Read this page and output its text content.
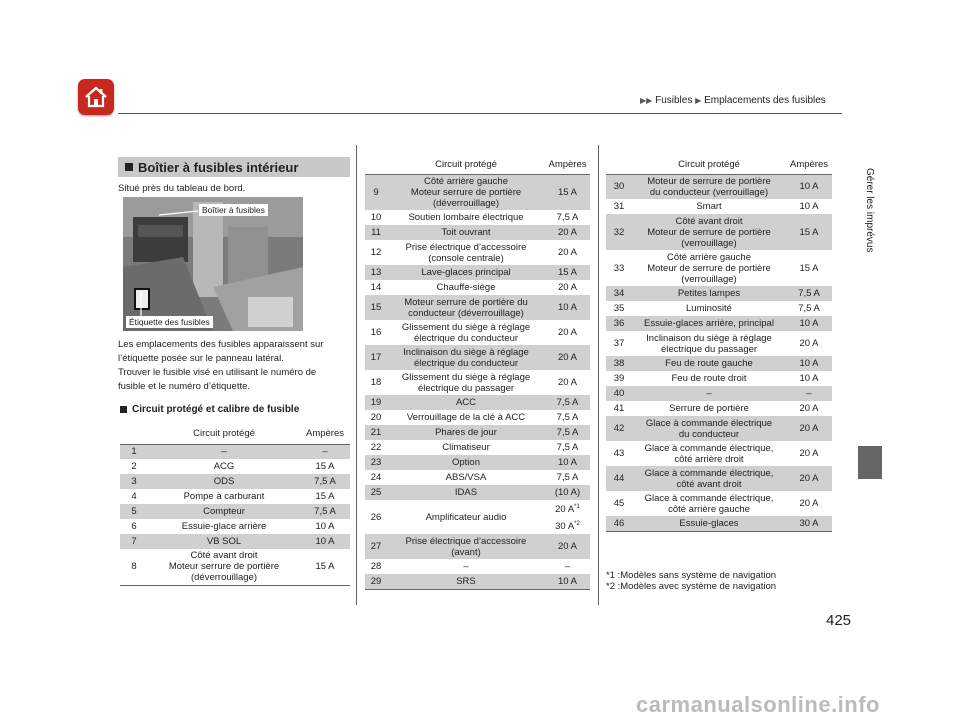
▶▶ Fusibles ▶ Emplacements des fusibles
Gérer les imprévus
Boîtier à fusibles intérieur
Situé près du tableau de bord.
Boîtier à fusibles
Étiquette des fusibles
Les emplacements des fusibles apparaissent sur
l’étiquette posée sur le panneau latéral.
Trouver le fusible visé en utilisant le numéro de
fusible et le numéro d’étiquette.
Circuit protégé et calibre de fusible
	Circuit protégé	Ampères
1	–	–
2	ACG	15 A
3	ODS	7,5 A
4	Pompe à carburant	15 A
5	Compteur	7,5 A
6	Essuie-glace arrière	10 A
7	VB SOL	10 A
8	Côté avant droit
Moteur serrure de portière
(déverrouillage)	15 A
	Circuit protégé	Ampères
9	Côté arrière gauche
Moteur serrure de portière
(déverrouillage)	15 A
10	Soutien lombaire électrique	7,5 A
11	Toit ouvrant	20 A
12	Prise électrique d’accessoire
(console centrale)	20 A
13	Lave-glaces principal	15 A
14	Chauffe-siège	20 A
15	Moteur serrure de portière du
conducteur (déverrouillage)	10 A
16	Glissement du siège à réglage
électrique du conducteur	20 A
17	Inclinaison du siège à réglage
électrique du conducteur	20 A
18	Glissement du siège à réglage
électrique du passager	20 A
19	ACC	7,5 A
20	Verrouillage de la clé à ACC	7,5 A
21	Phares de jour	7,5 A
22	Climatiseur	7,5 A
23	Option	10 A
24	ABS/VSA	7,5 A
25	IDAS	(10 A)
26	Amplificateur audio	20 $A^{*1}$
30 $A^{*2}$
27	Prise électrique d’accessoire
(avant)	20 A
28	–	–
29	SRS	10 A
	Circuit protégé	Ampères
30	Moteur de serrure de portière
du conducteur (verrouillage)	10 A
31	Smart	10 A
32	Côté avant droit
Moteur de serrure de portière
(verrouillage)	15 A
33	Côté arrière gauche
Moteur de serrure de portière
(verrouillage)	15 A
34	Petites lampes	7,5 A
35	Luminosité	7,5 A
36	Essuie-glaces arrière, principal	10 A
37	Inclinaison du siège à réglage
électrique du passager	20 A
38	Feu de route gauche	10 A
39	Feu de route droit	10 A
40	–	–
41	Serrure de portière	20 A
42	Glace à commande électrique
du conducteur	20 A
43	Glace à commande électrique,
côté arrière droit	20 A
44	Glace à commande électrique,
côté avant droit	20 A
45	Glace à commande électrique,
côté arrière gauche	20 A
46	Essuie-glaces	30 A
*1 :Modèles sans système de navigation
*2 :Modèles avec système de navigation
425
carmanualsonline.info
